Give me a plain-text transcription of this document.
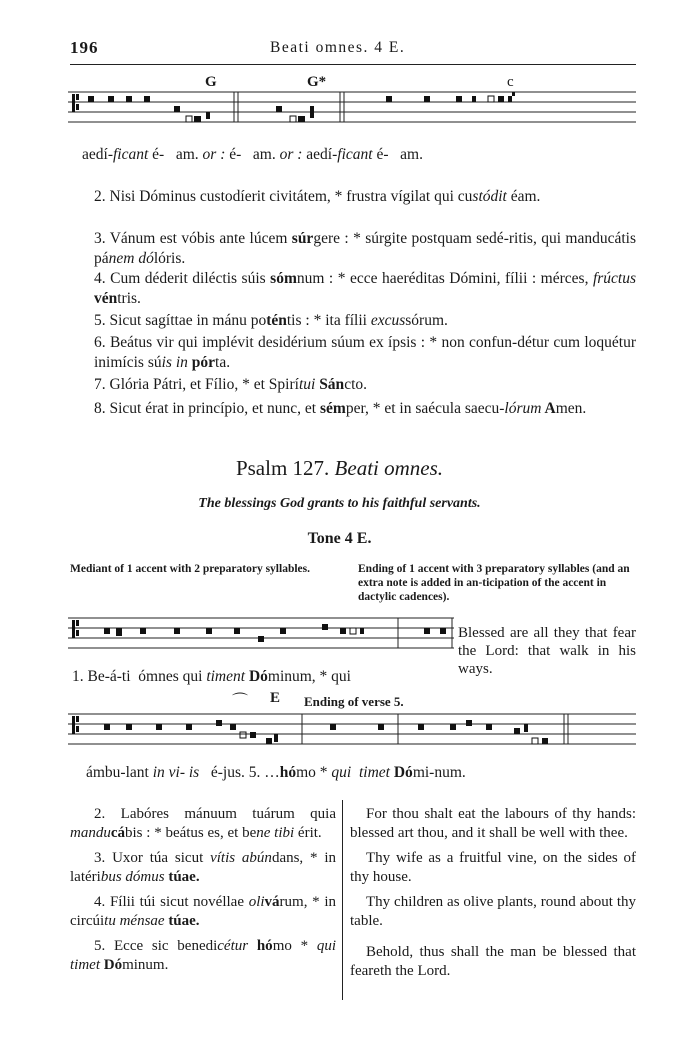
196	Beati omnes. 4 E.
G	G*	c
aedí-ficant é-   am. or : é-   am. or : aedí-ficant é-   am.
2. Nisi Dóminus custodíerit civitátem, * frustra vígilat qui custódit éam.
3. Vánum est vóbis ante lúcem súrgere : * súrgite postquam sedé-ritis, qui manducátis pánem dólóris.
4. Cum déderit diléctis súis sómnum : * ecce haeréditas Dómini, fílii : mérces, frúctus véntris.
5. Sicut sagíttae in mánu poténtis : * ita fílii excussórum.
6. Beátus vir qui implévit desidérium súum ex ípsis : * non confun-détur cum loquétur inimícis súis in pórta.
7. Glória Pátri, et Fílio, * et Spirítui Sáncto.
8. Sicut érat in princípio, et nunc, et sémper, * et in saécula saecu-lórum Amen.
Psalm 127. Beati omnes.
The blessings God grants to his faithful servants.
Tone 4 E.
Mediant of 1 accent with 2 preparatory syllables.	Ending of 1 accent with 3 preparatory syllables (and an extra note is added in an-ticipation of the accent in dactylic cadences).
1. Be-á-ti  ómnes qui timent Dóminum, * qui
Blessed are all they that fear the Lord: that walk in his ways.
⌒ E Ending of verse 5.
ámbu-lant in vi- is   é-jus. 5. …hómo * qui  timet Dómi-num.

2. Labóres mánuum tuárum quia manducábis : * beátus es, et bene tibi érit.

3. Uxor túa sicut vítis abúndans, * in latéribus dómus túae.

4. Fílii túi sicut novéllae olivárum, * in circúitu ménsae túae.

5. Ecce sic benedicétur hómo * qui timet Dóminum.

For thou shalt eat the labours of thy hands: blessed art thou, and it shall be well with thee.

Thy wife as a fruitful vine, on the sides of thy house.

Thy children as olive plants, round about thy table.

Behold, thus shall the man be blessed that feareth the Lord.
